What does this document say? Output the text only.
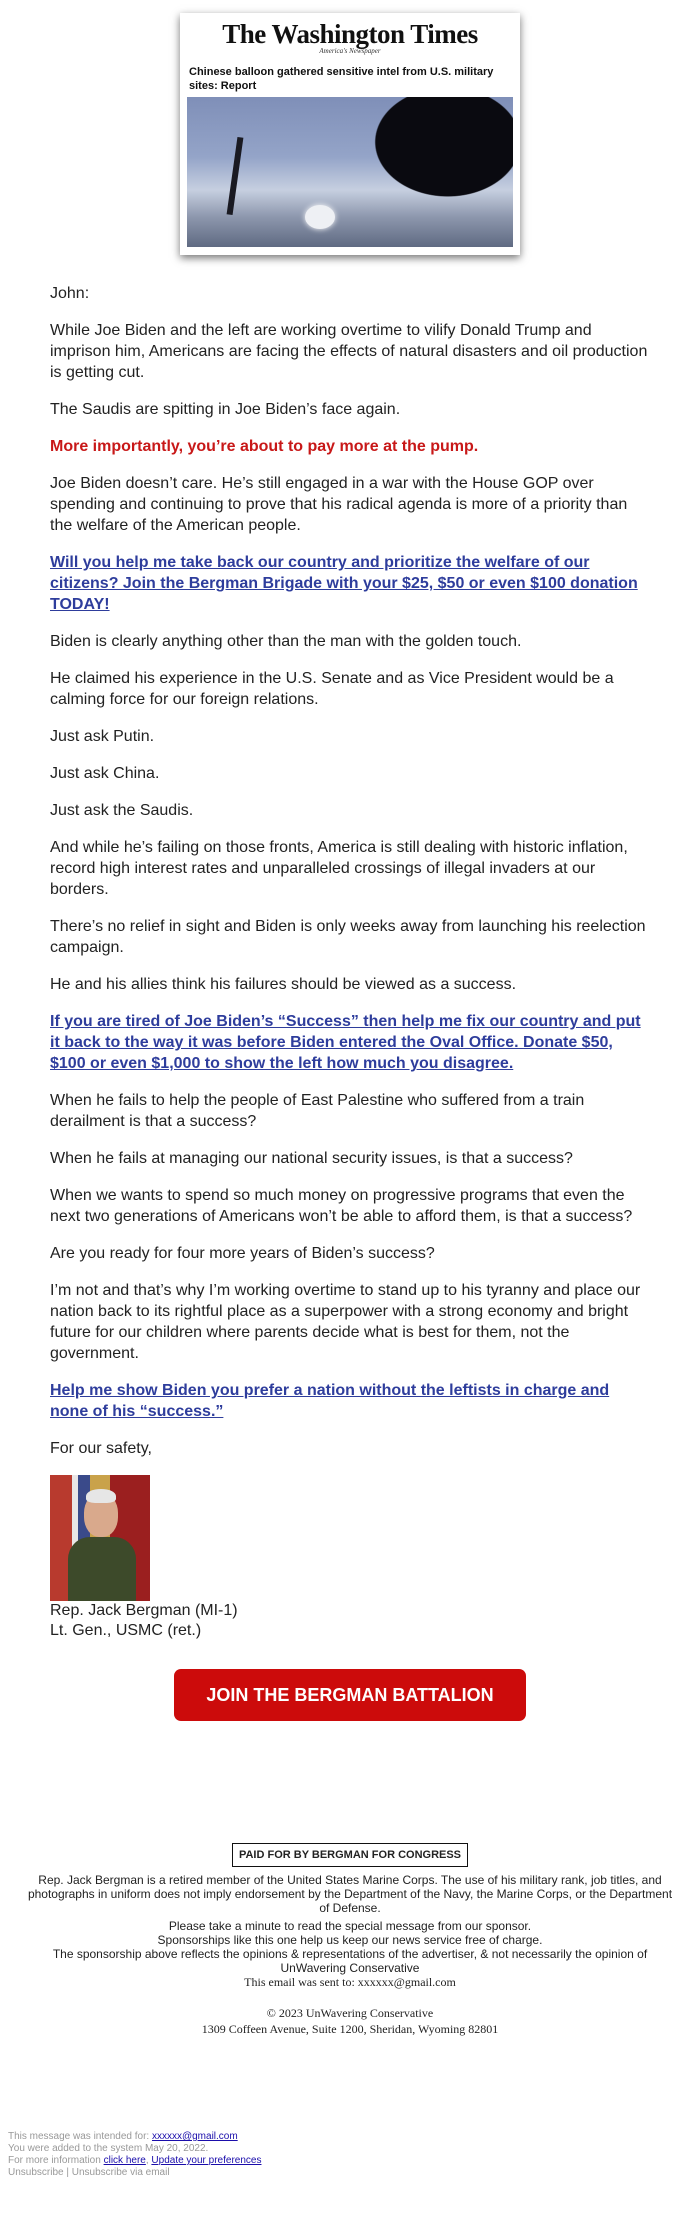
The Washington Times
America's Newspaper
Chinese balloon gathered sensitive intel from U.S. military sites: Report

John:

While Joe Biden and the left are working overtime to vilify Donald Trump and imprison him, Americans are facing the effects of natural disasters and oil production is getting cut.

The Saudis are spitting in Joe Biden’s face again.

More importantly, you’re about to pay more at the pump.

Joe Biden doesn’t care. He’s still engaged in a war with the House GOP over spending and continuing to prove that his radical agenda is more of a priority than the welfare of the American people.

Will you help me take back our country and prioritize the welfare of our citizens? Join the Bergman Brigade with your $25, $50 or even $100 donation TODAY!

Biden is clearly anything other than the man with the golden touch.

He claimed his experience in the U.S. Senate and as Vice President would be a calming force for our foreign relations.

Just ask Putin.

Just ask China.

Just ask the Saudis.

And while he’s failing on those fronts, America is still dealing with historic inflation, record high interest rates and unparalleled crossings of illegal invaders at our borders.

There’s no relief in sight and Biden is only weeks away from launching his reelection campaign.

He and his allies think his failures should be viewed as a success.

If you are tired of Joe Biden’s “Success” then help me fix our country and put it back to the way it was before Biden entered the Oval Office. Donate $50, $100 or even $1,000 to show the left how much you disagree.

When he fails to help the people of East Palestine who suffered from a train derailment is that a success?

When he fails at managing our national security issues, is that a success?

When we wants to spend so much money on progressive programs that even the next two generations of Americans won’t be able to afford them, is that a success?

Are you ready for four more years of Biden’s success?

I’m not and that’s why I’m working overtime to stand up to his tyranny and place our nation back to its rightful place as a superpower with a strong economy and bright future for our children where parents decide what is best for them, not the government.

Help me show Biden you prefer a nation without the leftists in charge and none of his “success.”

For our safety,

Rep. Jack Bergman (MI-1)
Lt. Gen., USMC (ret.)
JOIN THE BERGMAN BATTALION
PAID FOR BY BERGMAN FOR CONGRESS

Rep. Jack Bergman is a retired member of the United States Marine Corps. The use of his military rank, job titles, and photographs in uniform does not imply endorsement by the Department of the Navy, the Marine Corps, or the Department of Defense.

Please take a minute to read the special message from our sponsor.

Sponsorships like this one help us keep our news service free of charge.

The sponsorship above reflects the opinions & representations of the advertiser, & not necessarily the opinion of UnWavering Conservative

This email was sent to: xxxxxx@gmail.com

© 2023 UnWavering Conservative
1309 Coffeen Avenue, Suite 1200, Sheridan, Wyoming 82801
This message was intended for: xxxxxx@gmail.com
You were added to the system May 20, 2022.
For more information click here, Update your preferences
Unsubscribe | Unsubscribe via email
